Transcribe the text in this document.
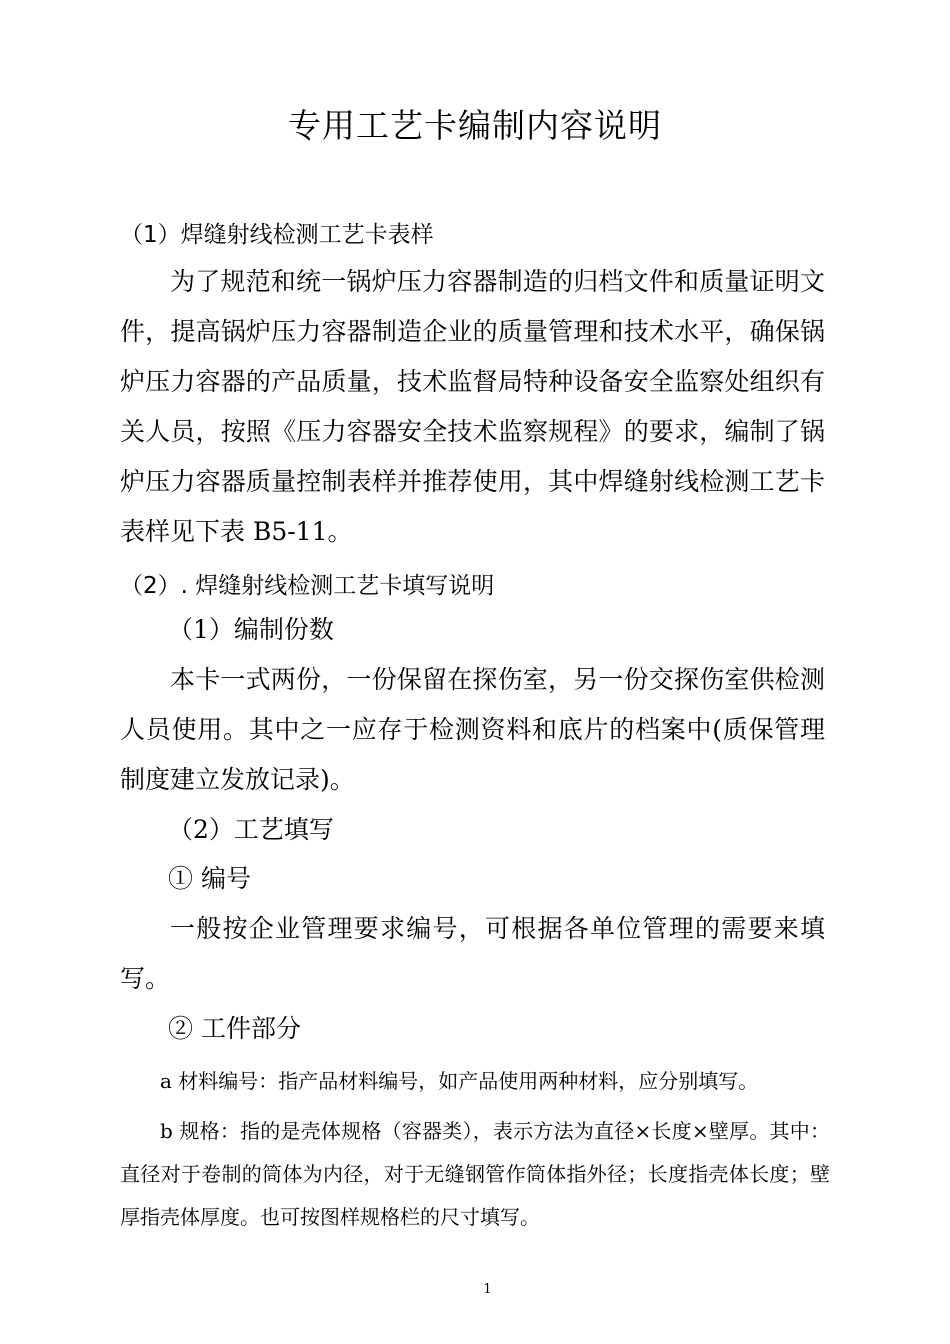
专用工艺卡编制内容说明
（1）焊缝射线检测工艺卡表样

为了规范和统一锅炉压力容器制造的归档文件和质量证明文件，提高锅炉压力容器制造企业的质量管理和技术水平，确保锅炉压力容器的产品质量，技术监督局特种设备安全监察处组织有关人员，按照《压力容器安全技术监察规程》的要求，编制了锅炉压力容器质量控制表样并推荐使用，其中焊缝射线检测工艺卡表样见下表 B5-11。

（2）. 焊缝射线检测工艺卡填写说明

（1）编制份数

本卡一式两份，一份保留在探伤室，另一份交探伤室供检测人员使用。其中之一应存于检测资料和底片的档案中(质保管理制度建立发放记录)。

（2）工艺填写

① 编号

一般按企业管理要求编号，可根据各单位管理的需要来填写。

② 工件部分

a 材料编号：指产品材料编号，如产品使用两种材料，应分别填写。

b 规格：指的是壳体规格（容器类），表示方法为直径×长度×壁厚。其中：直径对于卷制的筒体为内径，对于无缝钢管作筒体指外径；长度指壳体长度；壁厚指壳体厚度。也可按图样规格栏的尺寸填写。

1
